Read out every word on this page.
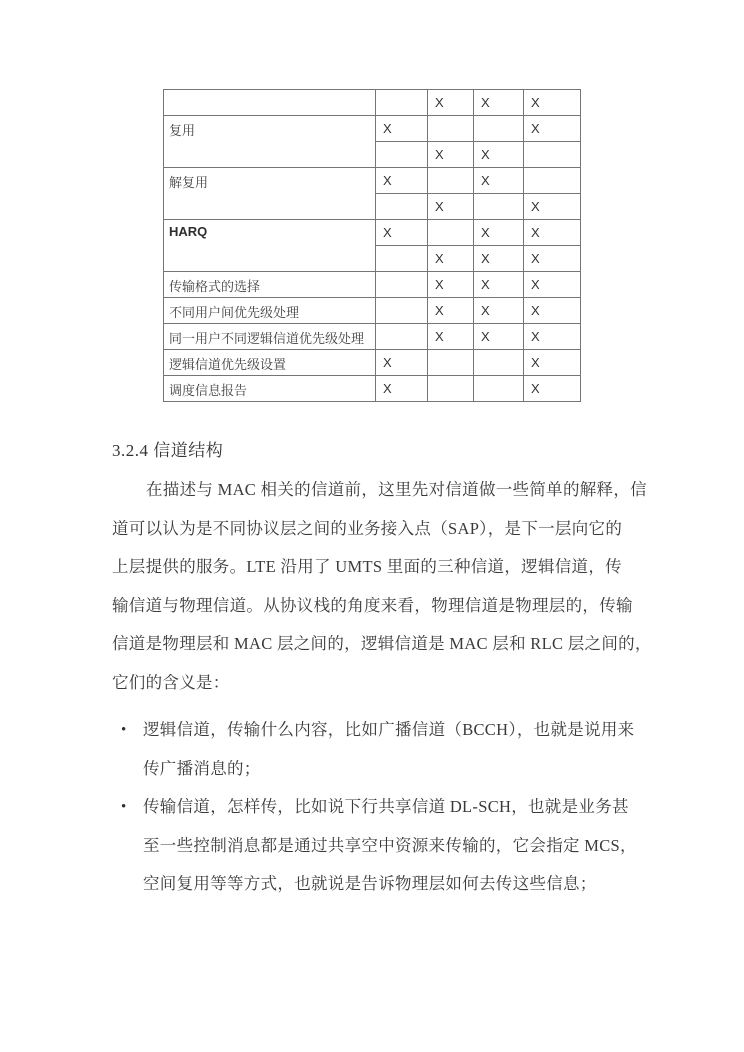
		X	X	X
复用	X			X
		X	X	
解复用	X		X	
		X		X
HARQ	X		X	X
		X	X	X
传输格式的选择		X	X	X
不同用户间优先级处理		X	X	X
同一用户不同逻辑信道优先级处理		X	X	X
逻辑信道优先级设置	X			X
调度信息报告	X			X
3.2.4 信道结构
在描述与 MAC 相关的信道前，这里先对信道做一些简单的解释，信
道可以认为是不同协议层之间的业务接入点（SAP），是下一层向它的
上层提供的服务。LTE 沿用了 UMTS 里面的三种信道，逻辑信道，传
输信道与物理信道。从协议栈的角度来看，物理信道是物理层的，传输
信道是物理层和 MAC 层之间的，逻辑信道是 MAC 层和 RLC 层之间的，
它们的含义是：
•	逻辑信道，传输什么内容，比如广播信道（BCCH），也就是说用来
传广播消息的；
•	传输信道，怎样传，比如说下行共享信道 DL-SCH，也就是业务甚
至一些控制消息都是通过共享空中资源来传输的，它会指定 MCS，
空间复用等等方式，也就说是告诉物理层如何去传这些信息；
